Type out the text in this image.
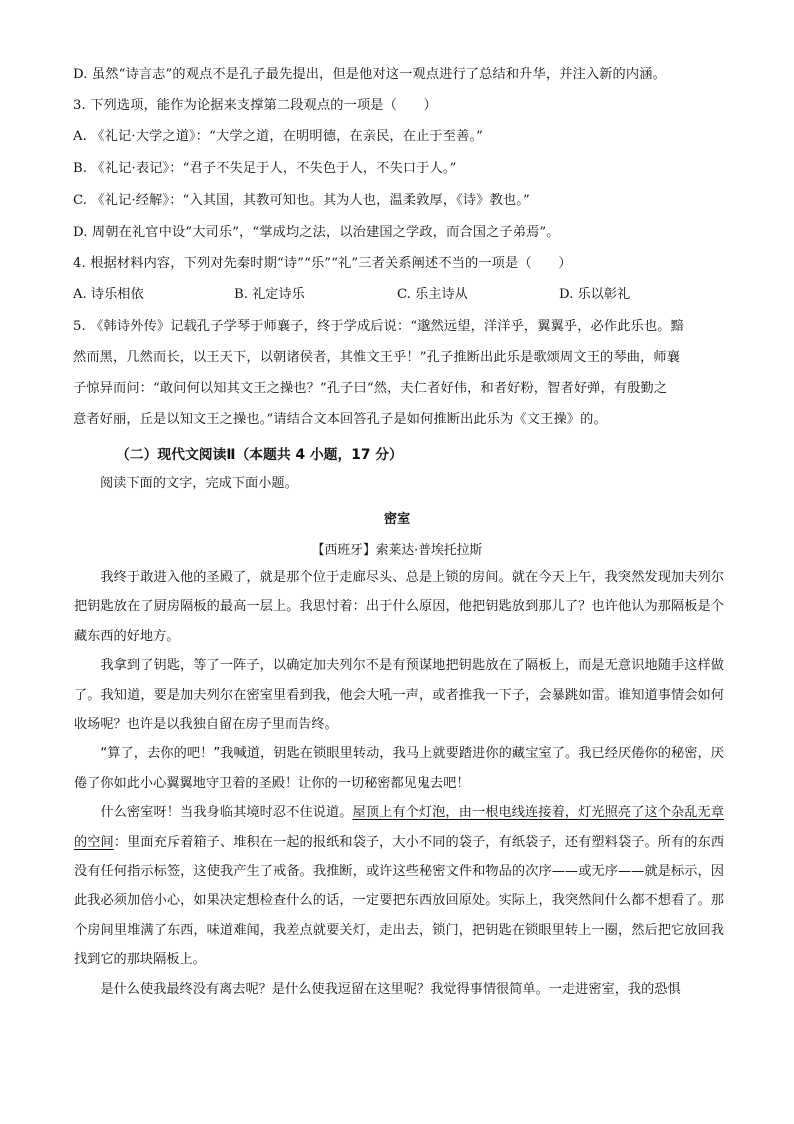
D. 虽然“诗言志”的观点不是孔子最先提出，但是他对这一观点进行了总结和升华，并注入新的内涵。
3. 下列选项，能作为论据来支撑第二段观点的一项是（　　）
A. 《礼记·大学之道》：“大学之道，在明明德，在亲民，在止于至善。”
B. 《礼记·表记》：“君子不失足于人，不失色于人，不失口于人。”
C. 《礼记·经解》：“入其国，其教可知也。其为人也，温柔敦厚，《诗》教也。”
D. 周朝在礼官中设“大司乐”，“掌成均之法，以治建国之学政，而合国之子弟焉”。
4. 根据材料内容，下列对先秦时期“诗”“乐”“礼”三者关系阐述不当的一项是（　　）
A. 诗乐相依	B. 礼定诗乐	C. 乐主诗从	D. 乐以彰礼
5. 《韩诗外传》记载孔子学琴于师襄子，终于学成后说：“邈然远望，洋洋乎，翼翼乎，必作此乐也。黯
然而黑，几然而长，以王天下，以朝诸侯者，其惟文王乎！”孔子推断出此乐是歌颂周文王的琴曲，师襄
子惊异而问：“敢问何以知其文王之操也？”孔子曰“然，夫仁者好伟，和者好粉，智者好弹，有殷勤之
意者好丽，丘是以知文王之操也。”请结合文本回答孔子是如何推断出此乐为《文王操》的。
（二）现代文阅读Ⅱ（本题共 4 小题，17 分）
阅读下面的文字，完成下面小题。
密室
【西班牙】索莱达·普埃托拉斯

我终于敢进入他的圣殿了，就是那个位于走廊尽头、总是上锁的房间。就在今天上午，我突然发现加夫列尔把钥匙放在了厨房隔板的最高一层上。我思忖着：出于什么原因，他把钥匙放到那儿了？也许他认为那隔板是个藏东西的好地方。

我拿到了钥匙，等了一阵子，以确定加夫列尔不是有预谋地把钥匙放在了隔板上，而是无意识地随手这样做了。我知道，要是加夫列尔在密室里看到我，他会大吼一声，或者推我一下子，会暴跳如雷。谁知道事情会如何收场呢？也许是以我独自留在房子里而告终。

“算了，去你的吧！”我喊道，钥匙在锁眼里转动，我马上就要踏进你的藏宝室了。我已经厌倦你的秘密，厌倦了你如此小心翼翼地守卫着的圣殿！让你的一切秘密都见鬼去吧！

什么密室呀！当我身临其境时忍不住说道。屋顶上有个灯泡，由一根电线连接着，灯光照亮了这个杂乱无章的空间：里面充斥着箱子、堆积在一起的报纸和袋子，大小不同的袋子，有纸袋子，还有塑料袋子。所有的东西没有任何指示标签，这使我产生了戒备。我推断，或许这些秘密文件和物品的次序——或无序——就是标示，因此我必须加倍小心，如果决定想检查什么的话，一定要把东西放回原处。实际上，我突然间什么都不想看了。那个房间里堆满了东西，味道难闻，我差点就要关灯，走出去，锁门，把钥匙在锁眼里转上一圈，然后把它放回我找到它的那块隔板上。

是什么使我最终没有离去呢？是什么使我逗留在这里呢？我觉得事情很简单。一走进密室，我的恐惧
